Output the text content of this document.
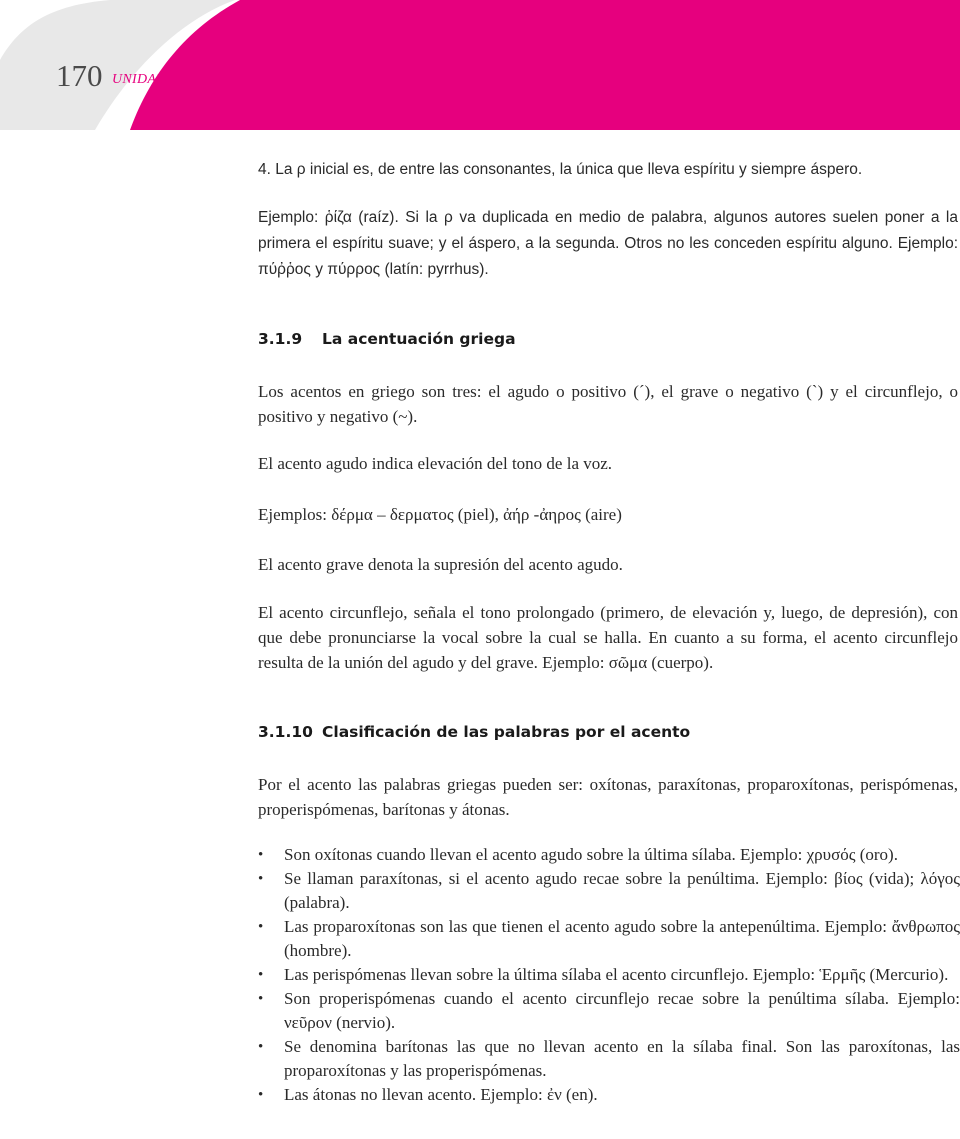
170 UNIDAD III

4. La ρ inicial es, de entre las consonantes, la única que lleva espíritu y siempre áspero.

Ejemplo: ῥίζα (raíz). Si la ρ va duplicada en medio de palabra, algunos autores suelen poner a la primera el espíritu suave; y el áspero, a la segunda. Otros no les conceden espíritu alguno. Ejemplo: πύῤῥος y πύρρος (latín: pyrrhus).

3.1.9 La acentuación griega

Los acentos en griego son tres: el agudo o positivo (´), el grave o negativo (`) y el circunflejo, o positivo y negativo (~).

El acento agudo indica elevación del tono de la voz.

Ejemplos: δέρμα – δερματος (piel), ἀήρ -ἀηρος (aire)

El acento grave denota la supresión del acento agudo.

El acento circunflejo, señala el tono prolongado (primero, de elevación y, luego, de depresión), con que debe pronunciarse la vocal sobre la cual se halla. En cuanto a su forma, el acento circunflejo resulta de la unión del agudo y del grave. Ejemplo: σῶμα (cuerpo).

3.1.10 Clasificación de las palabras por el acento

Por el acento las palabras griegas pueden ser: oxítonas, paraxítonas, proparoxítonas, perispómenas, properispómenas, barítonas y átonas.

• Son oxítonas cuando llevan el acento agudo sobre la última sílaba. Ejemplo: χρυσός (oro).
• Se llaman paraxítonas, si el acento agudo recae sobre la penúltima. Ejemplo: βίος (vida); λόγος (palabra).
• Las proparoxítonas son las que tienen el acento agudo sobre la antepenúltima. Ejemplo: ἄνθρωπος (hombre).
• Las perispómenas llevan sobre la última sílaba el acento circunflejo. Ejemplo: Ἑρμῆς (Mercurio).
• Son properispómenas cuando el acento circunflejo recae sobre la penúltima sílaba. Ejemplo: νεῦρον (nervio).
• Se denomina barítonas las que no llevan acento en la sílaba final. Son las paroxítonas, las proparoxítonas y las properispómenas.
• Las átonas no llevan acento. Ejemplo: ἐν (en).
